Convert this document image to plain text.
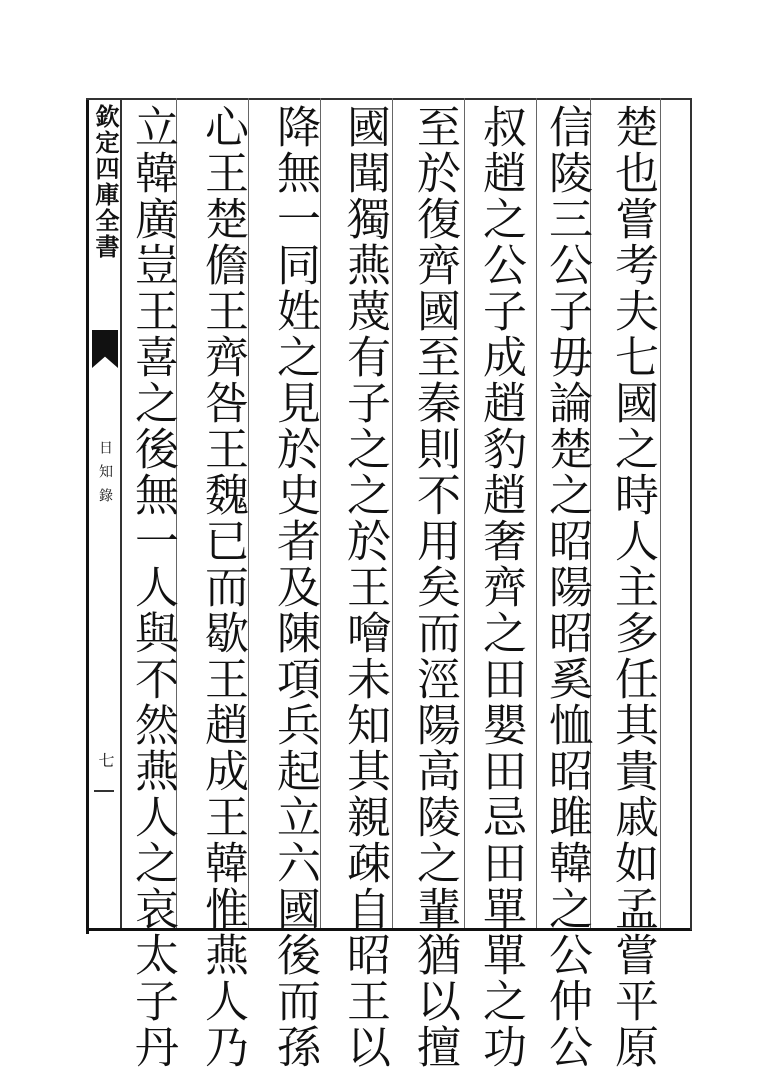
欽定四庫全書
日知錄
七	楚也嘗考夫七國之時人主多任其貴戚如孟嘗平原
信陵三公子毋論楚之昭陽昭奚恤昭雎韓之公仲公
叔趙之公子成趙豹趙奢齊之田嬰田忌田單單之功
至於復齊國至秦則不用矣而涇陽高陵之輩猶以擅
國聞獨燕蔑有子之之於王噲未知其親疎自昭王以
降無一同姓之見於史者及陳項兵起立六國後而孫
心王楚儋王齊咎王魏已而歇王趙成王韓惟燕人乃
立韓廣豈王喜之後無一人與不然燕人之哀太子丹
